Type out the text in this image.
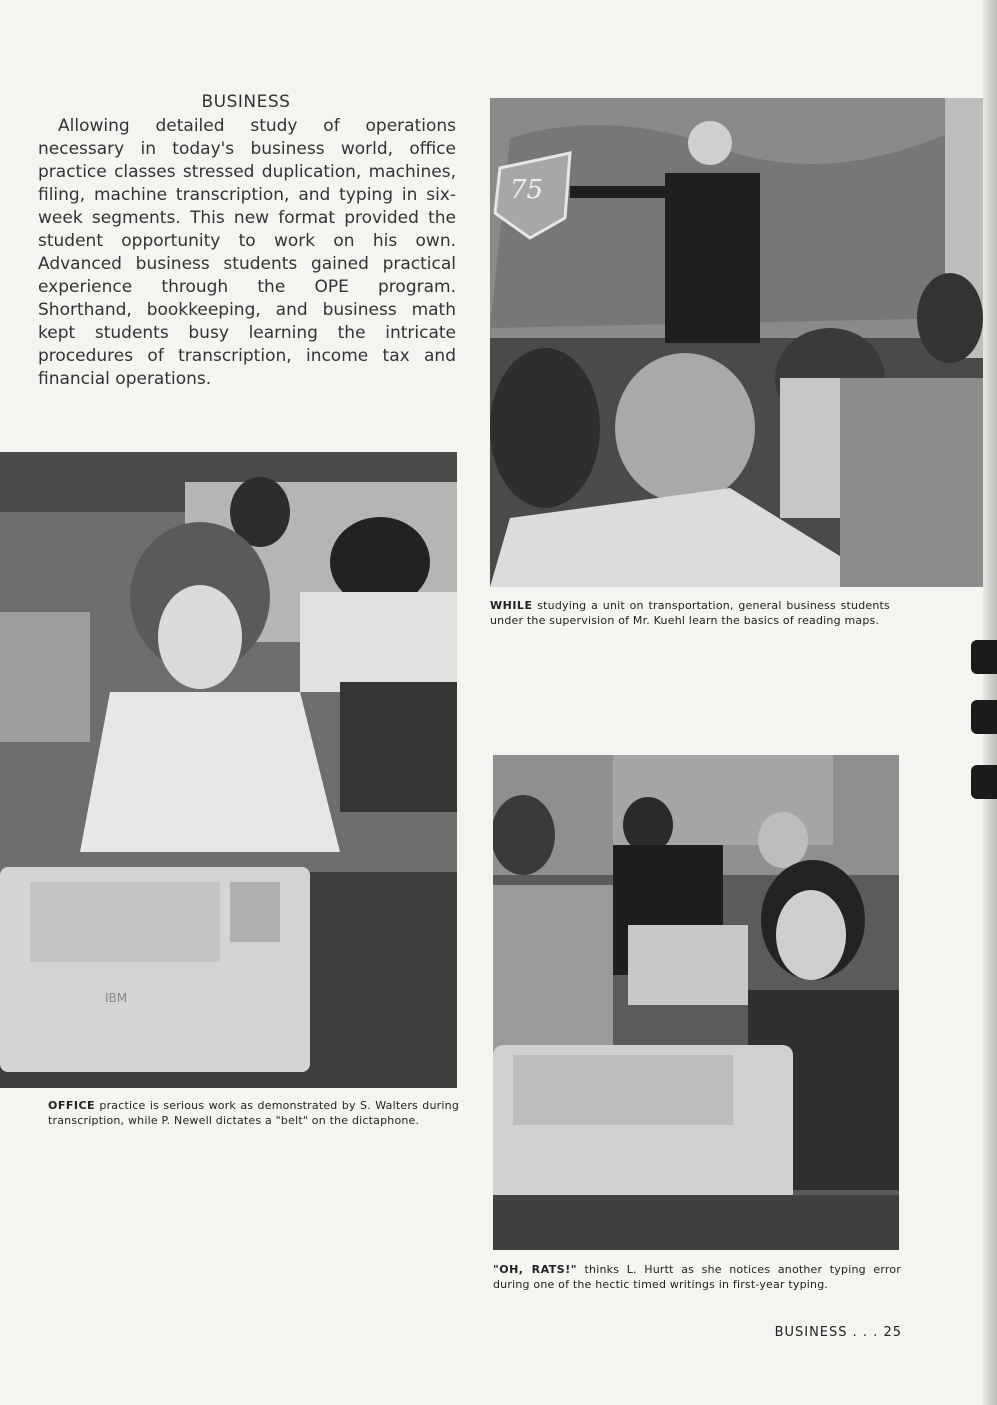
BUSINESS
Allowing detailed study of operations necessary in today's business world, office practice classes stressed duplication, machines, filing, machine transcription, and typing in six-week segments. This new format provided the student opportunity to work on his own. Advanced business students gained practical experience through the OPE program. Shorthand, bookkeeping, and business math kept students busy learning the intricate procedures of transcription, income tax and financial operations.
75
WHILE studying a unit on transportation, general business students under the supervision of Mr. Kuehl learn the basics of reading maps.
IBM
OFFICE practice is serious work as demonstrated by S. Walters during transcription, while P. Newell dictates a "belt" on the dictaphone.
"OH, RATS!" thinks L. Hurtt as she notices another typing error during one of the hectic timed writings in first-year typing.
BUSINESS . . . 25
